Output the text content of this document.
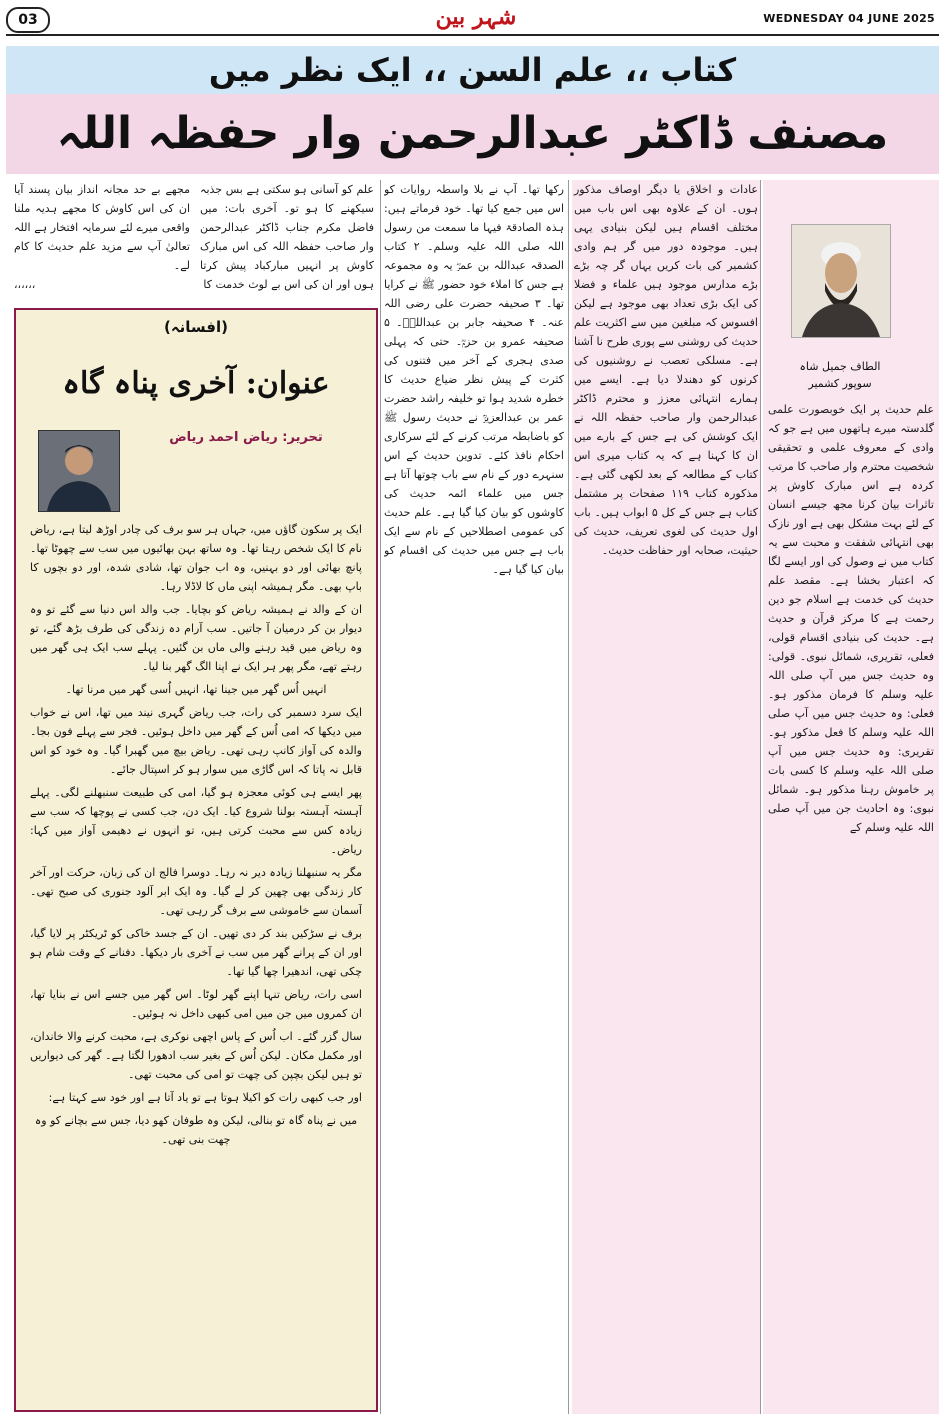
03	شہر بین	WEDNESDAY 04 JUNE 2025
کتاب ،، علم السن ،، ایک نظر میں
مصنف ڈاکٹر عبدالرحمن وار حفظہ اللہ
الطاف جمیل شاہ
سوپور کشمیر
علم حدیث پر ایک خوبصورت علمی گلدستہ میرے ہاتھوں میں ہے جو کہ وادی کے معروف علمی و تحقیقی شخصیت محترم وار صاحب کا مرتب کردہ ہے اس مبارک کاوش پر تاثرات بیان کرنا مجھ جیسے انسان کے لئے بہت مشکل بھی ہے اور نازک بھی انتہائی شفقت و محبت سے یہ کتاب میں نے وصول کی اور ایسے لگا کہ اعتبار بخشا ہے۔ مقصد علم حدیث کی خدمت ہے اسلام جو دین رحمت ہے کا مرکز قرآن و حدیث ہے۔ حدیث کی بنیادی اقسام قولی، فعلی، تقریری، شمائل نبوی۔ قولی: وہ حدیث جس میں آپ صلی اللہ علیہ وسلم کا فرمان مذکور ہو۔ فعلی: وہ حدیث جس میں آپ صلی اللہ علیہ وسلم کا فعل مذکور ہو۔ تقریری: وہ حدیث جس میں آپ صلی اللہ علیہ وسلم کا کسی بات پر خاموش رہنا مذکور ہو۔ شمائل نبوی: وہ احادیث جن میں آپ صلی اللہ علیہ وسلم کے
عادات و اخلاق یا دیگر اوصاف مذکور ہوں۔ ان کے علاوہ بھی اس باب میں مختلف اقسام ہیں لیکن بنیادی یہی ہیں۔ موجودہ دور میں گر ہم وادی کشمیر کی بات کریں یہاں گر چہ بڑے بڑے مدارس موجود ہیں علماء و فضلا کی ایک بڑی تعداد بھی موجود ہے لیکن افسوس کہ مبلغین میں سے اکثریت علم حدیث کی روشنی سے پوری طرح نا آشنا ہے۔ مسلکی تعصب نے روشنیوں کی کرنوں کو دھندلا دیا ہے۔ ایسے میں ہمارے انتہائی معزز و محترم ڈاکٹر عبدالرحمن وار صاحب حفظہ اللہ نے ایک کوشش کی ہے جس کے بارے میں ان کا کہنا ہے کہ یہ کتاب میری اس کتاب کے مطالعہ کے بعد لکھی گئی ہے۔ مذکورہ کتاب ۱۱۹ صفحات پر مشتمل کتاب ہے جس کے کل ۵ ابواب ہیں۔ باب اول حدیث کی لغوی تعریف، حدیث کی حیثیت، صحابہ اور حفاظت حدیث۔
رکھا تھا۔ آپ نے بلا واسطہ روایات کو اس میں جمع کیا تھا۔ خود فرماتے ہیں: ہذہ الصادقۃ فیہا ما سمعت من رسول اللہ صلی اللہ علیہ وسلم۔ ۲ کتاب الصدقہ عبداللہ بن عمرؓ یہ وہ مجموعہ ہے جس کا املاء خود حضور ﷺ نے کرایا تھا۔ ۳ صحیفہ حضرت علی رضی اللہ عنہ۔ ۴ صحیفہ جابر بن عبداللہؓ۔ ۵ صحیفہ عمرو بن حزمؓ۔ حتی کہ پہلی صدی ہجری کے آخر میں فتنوں کی کثرت کے پیش نظر ضیاع حدیث کا خطرہ شدید ہوا تو خلیفہ راشد حضرت عمر بن عبدالعزیزؒ نے حدیث رسول ﷺ کو باضابطہ مرتب کرنے کے لئے سرکاری احکام نافذ کئے۔ تدوین حدیث کے اس سنہرے دور کے نام سے باب چوتھا آتا ہے جس میں علماء ائمہ حدیث کی کاوشوں کو بیان کیا گیا ہے۔ علم حدیث کی عمومی اصطلاحیں کے نام سے ایک باب ہے جس میں حدیث کی اقسام کو بیان کیا گیا ہے۔
علم کو آسانی ہو سکتی ہے بس جذبہ سیکھنے کا ہو تو۔ آخری بات: میں فاضل مکرم جناب ڈاکٹر عبدالرحمن وار صاحب حفظہ اللہ کی اس مبارک کاوش پر انہیں مبارکباد پیش کرتا ہوں اور ان کی اس بے لوث خدمت کا
مجھے بے حد مجانہ انداز بیان پسند آیا ان کی اس کاوش کا مجھے ہدیہ ملنا واقعی میرے لئے سرمایہ افتخار ہے اللہ تعالیٰ آپ سے مزید علم حدیث کا کام لے۔
،،،،،،
(افسانہ)
عنوان: آخری پناہ گاہ
تحریر: ریاض احمد ریاض

ایک پر سکون گاؤں میں، جہاں ہر سو برف کی چادر اوڑھ لیتا ہے، ریاض نام کا ایک شخص رہتا تھا۔ وہ ساتھ بہن بھائیوں میں سب سے چھوٹا تھا۔ پانچ بھائی اور دو بہنیں، وہ اب جوان تھا، شادی شدہ، اور دو بچوں کا باپ بھی۔ مگر ہمیشہ اپنی ماں کا لاڈلا رہا۔

ان کے والد نے ہمیشہ ریاض کو بچایا۔ جب والد اس دنیا سے گئے تو وہ دیوار بن کر درمیان آ جاتیں۔ سب آرام دہ زندگی کی طرف بڑھ گئے، تو وہ ریاض میں قید رہنے والی ماں بن گئیں۔ پہلے سب ایک ہی گھر میں رہتے تھے، مگر پھر ہر ایک نے اپنا الگ گھر بنا لیا۔

انہیں اُس گھر میں جینا تھا، انہیں اُسی گھر میں مرنا تھا۔

ایک سرد دسمبر کی رات، جب ریاض گہری نیند میں تھا، اس نے خواب میں دیکھا کہ امی اُس کے گھر میں داخل ہوئیں۔ فجر سے پہلے فون بجا۔ والدہ کی آواز کانپ رہی تھی۔ ریاض بیچ میں گھبرا گیا۔ وہ خود کو اس قابل نہ پاتا کہ اس گاڑی میں سوار ہو کر اسپتال جائے۔

پھر ایسے ہی کوئی معجزہ ہو گیا، امی کی طبیعت سنبھلنے لگی۔ پہلے آہستہ آہستہ بولنا شروع کیا۔ ایک دن، جب کسی نے پوچھا کہ سب سے زیادہ کس سے محبت کرتی ہیں، تو انہوں نے دھیمی آواز میں کہا: ریاض۔

مگر یہ سنبھلنا زیادہ دیر نہ رہا۔ دوسرا فالج ان کی زبان، حرکت اور آخر کار زندگی بھی چھین کر لے گیا۔ وہ ایک ابر آلود جنوری کی صبح تھی۔ آسمان سے خاموشی سے برف گر رہی تھی۔

برف نے سڑکیں بند کر دی تھیں۔ ان کے جسد خاکی کو ٹریکٹر پر لایا گیا، اور ان کے پرانے گھر میں سب نے آخری بار دیکھا۔ دفنانے کے وقت شام ہو چکی تھی، اندھیرا چھا گیا تھا۔

اسی رات، ریاض تنہا اپنے گھر لوٹا۔ اس گھر میں جسے اس نے بنایا تھا، ان کمروں میں جن میں امی کبھی داخل نہ ہوئیں۔

سال گزر گئے۔ اب اُس کے پاس اچھی نوکری ہے، محبت کرنے والا خاندان، اور مکمل مکان۔ لیکن اُس کے بغیر سب ادھورا لگتا ہے۔ گھر کی دیواریں تو ہیں لیکن بچپن کی چھت تو امی کی محبت تھی۔

اور جب کبھی رات کو اکیلا ہوتا ہے تو یاد آتا ہے اور خود سے کہتا ہے:

میں نے پناہ گاہ تو بنالی، لیکن وہ طوفان کھو دیا، جس سے بچانے کو وہ چھت بنی تھی۔
